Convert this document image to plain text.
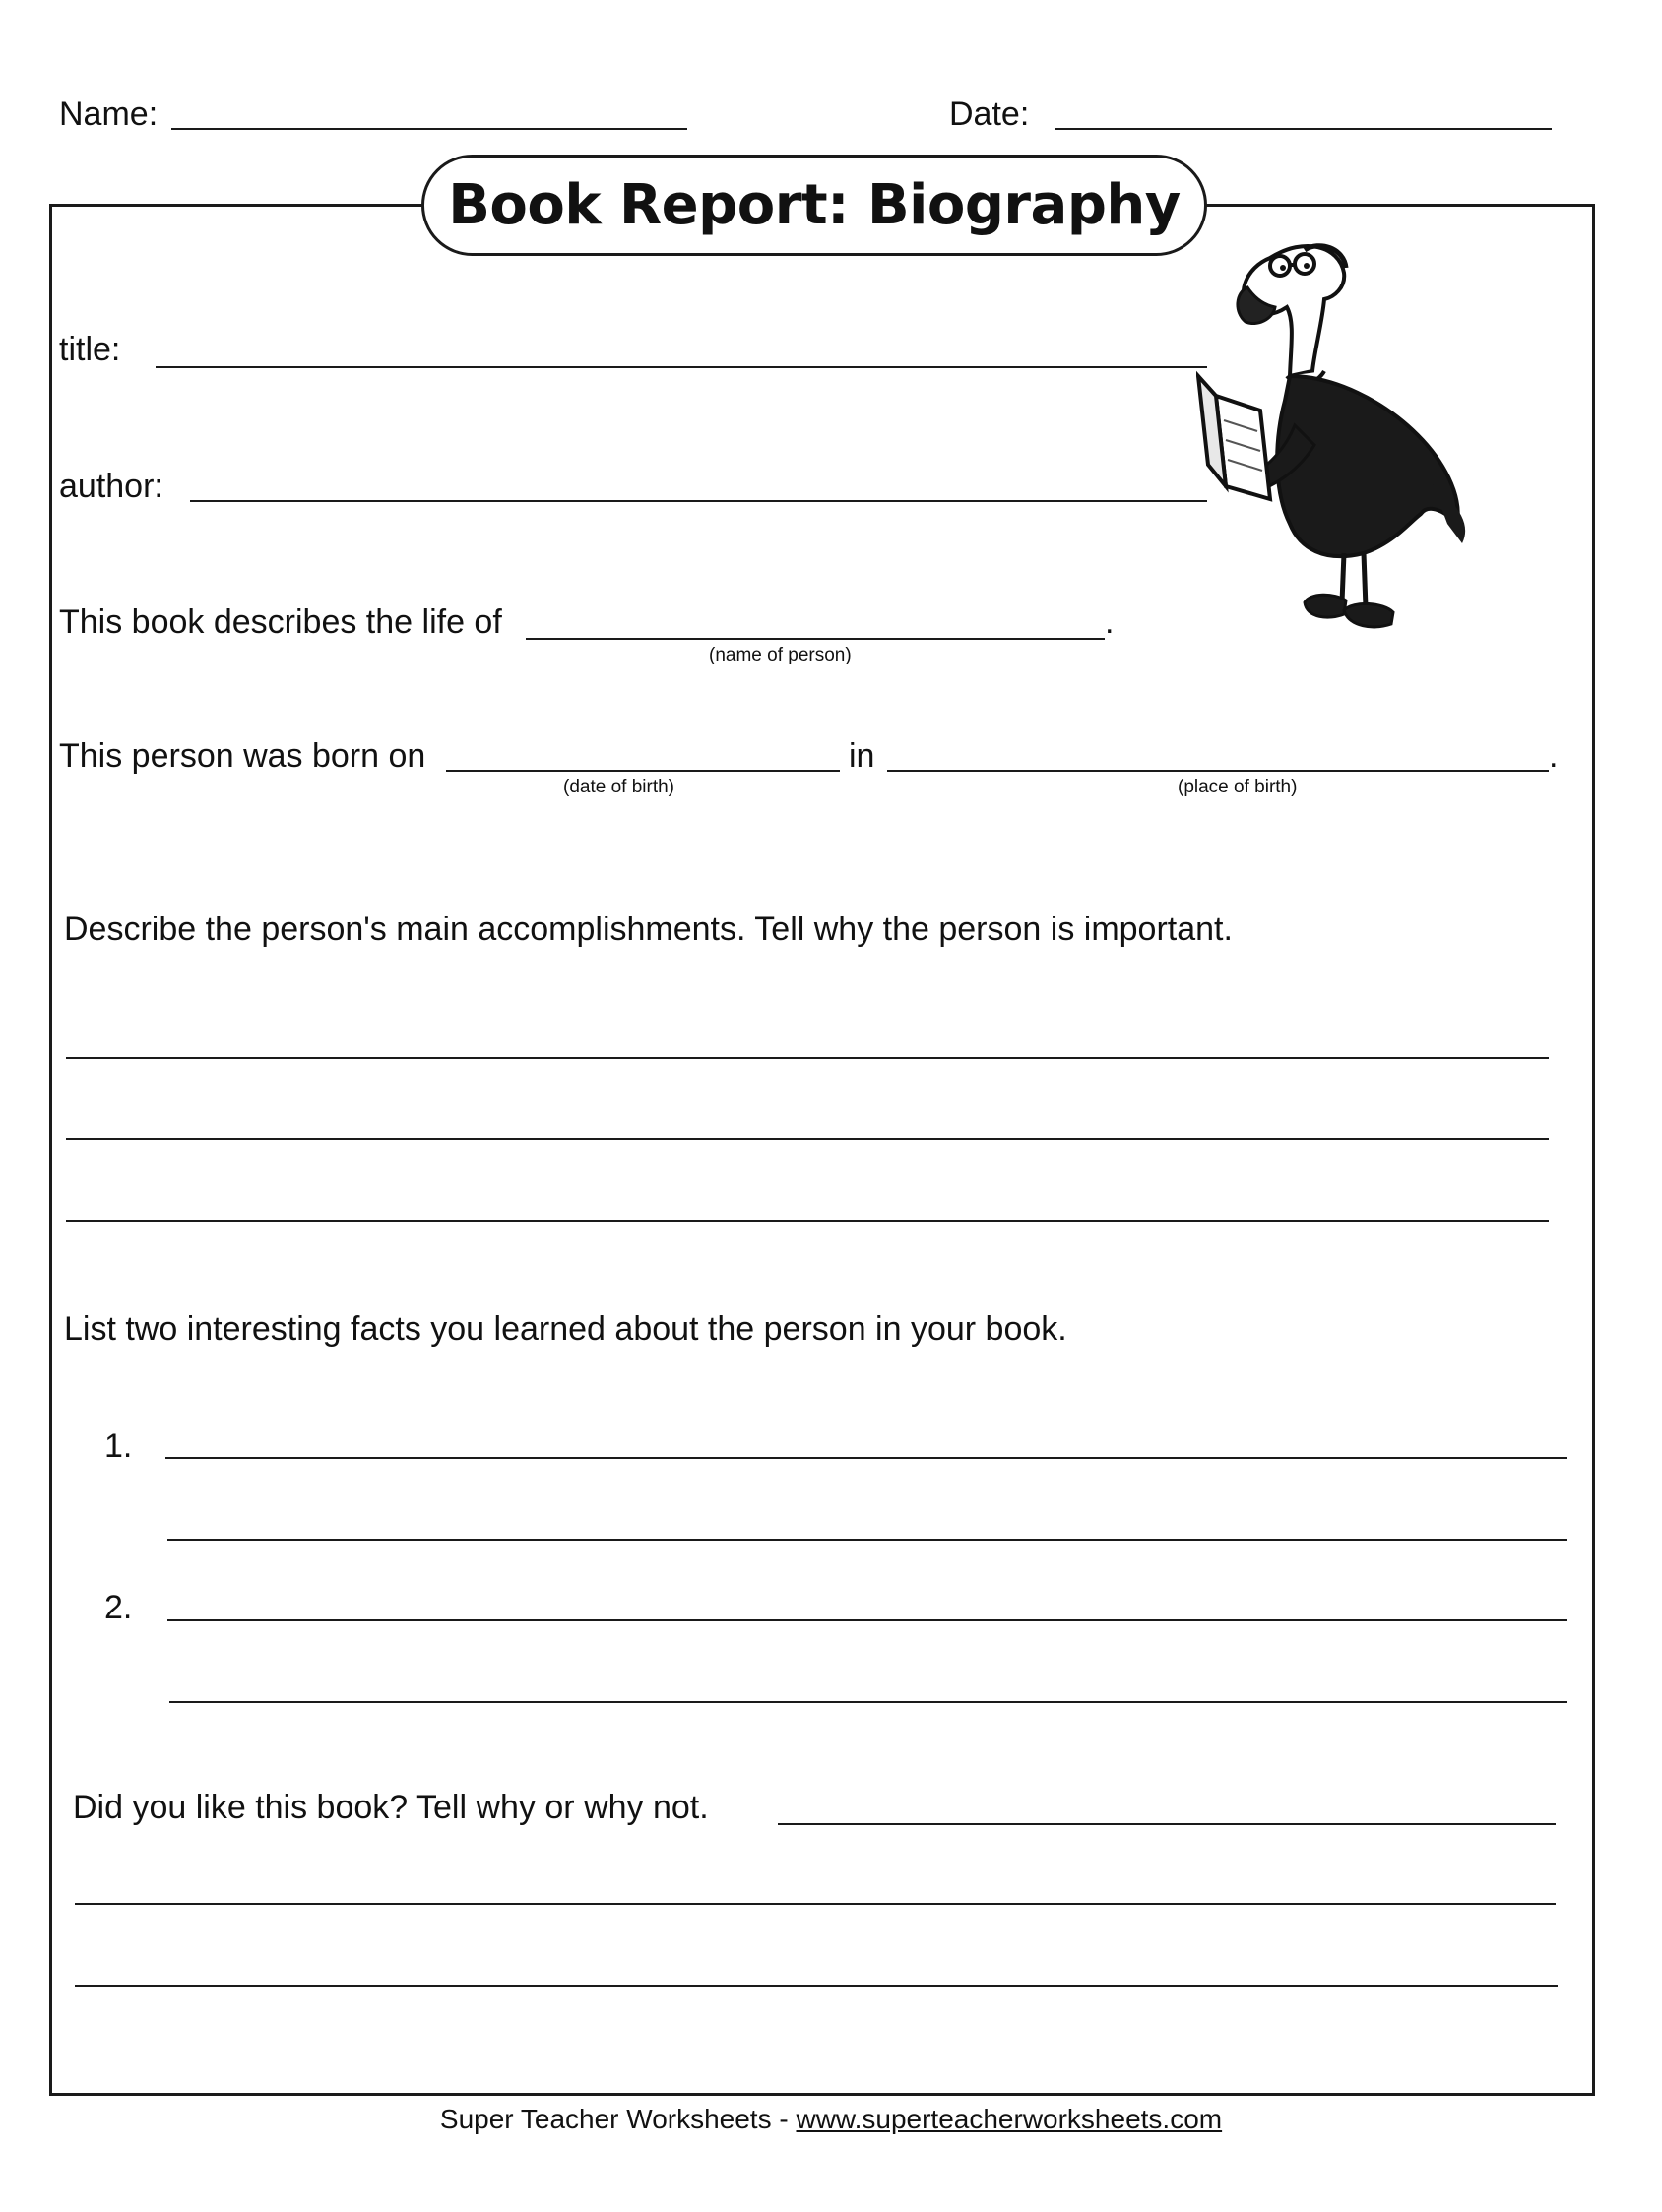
Name:	Date:
Book Report: Biography
title:
author:
This book describes the life of	.
(name of person)
This person was born on	in	.
(date of birth)	(place of birth)
Describe the person's main accomplishments. Tell why the person is important.
List two interesting facts you learned about the person in your book.
1.
2.
Did you like this book? Tell why or why not.
Super Teacher Worksheets - www.superteacherworksheets.com
